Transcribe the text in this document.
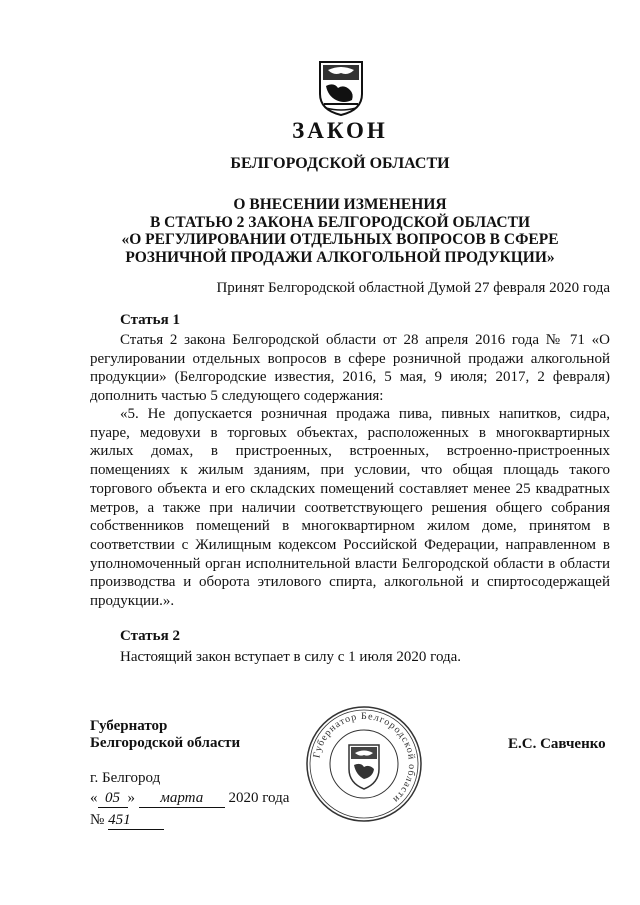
ЗАКОН
БЕЛГОРОДСКОЙ ОБЛАСТИ
О ВНЕСЕНИИ ИЗМЕНЕНИЯ
В СТАТЬЮ 2 ЗАКОНА БЕЛГОРОДСКОЙ ОБЛАСТИ
«О РЕГУЛИРОВАНИИ ОТДЕЛЬНЫХ ВОПРОСОВ В СФЕРЕ
РОЗНИЧНОЙ ПРОДАЖИ АЛКОГОЛЬНОЙ ПРОДУКЦИИ»
Принят Белгородской областной Думой 27 февраля 2020 года
Статья 1

Статья 2 закона Белгородской области от 28 апреля 2016 года № 71 «О регулировании отдельных вопросов в сфере розничной продажи алкогольной продукции» (Белгородские известия, 2016, 5 мая, 9 июля; 2017, 2 февраля) дополнить частью 5 следующего содержания:

«5. Не допускается розничная продажа пива, пивных напитков, сидра, пуаре, медовухи в торговых объектах, расположенных в многоквартирных жилых домах, в пристроенных, встроенных, встроенно-пристроенных помещениях к жилым зданиям, при условии, что общая площадь такого торгового объекта и его складских помещений составляет менее 25 квадратных метров, а также при наличии соответствующего решения общего собрания собственников помещений в многоквартирном жилом доме, принятом в соответствии с Жилищным кодексом Российской Федерации, направленном в уполномоченный орган исполнительной власти Белгородской области в области производства и оборота этилового спирта, алкогольной и спиртосодержащей продукции.».

Статья 2

Настоящий закон вступает в силу с 1 июля 2020 года.

Губернатор
Белгородской области	Е.С. Савченко
г. Белгород
« 05 » марта 2020 года
№ 451
Губернатор Белгородской области
